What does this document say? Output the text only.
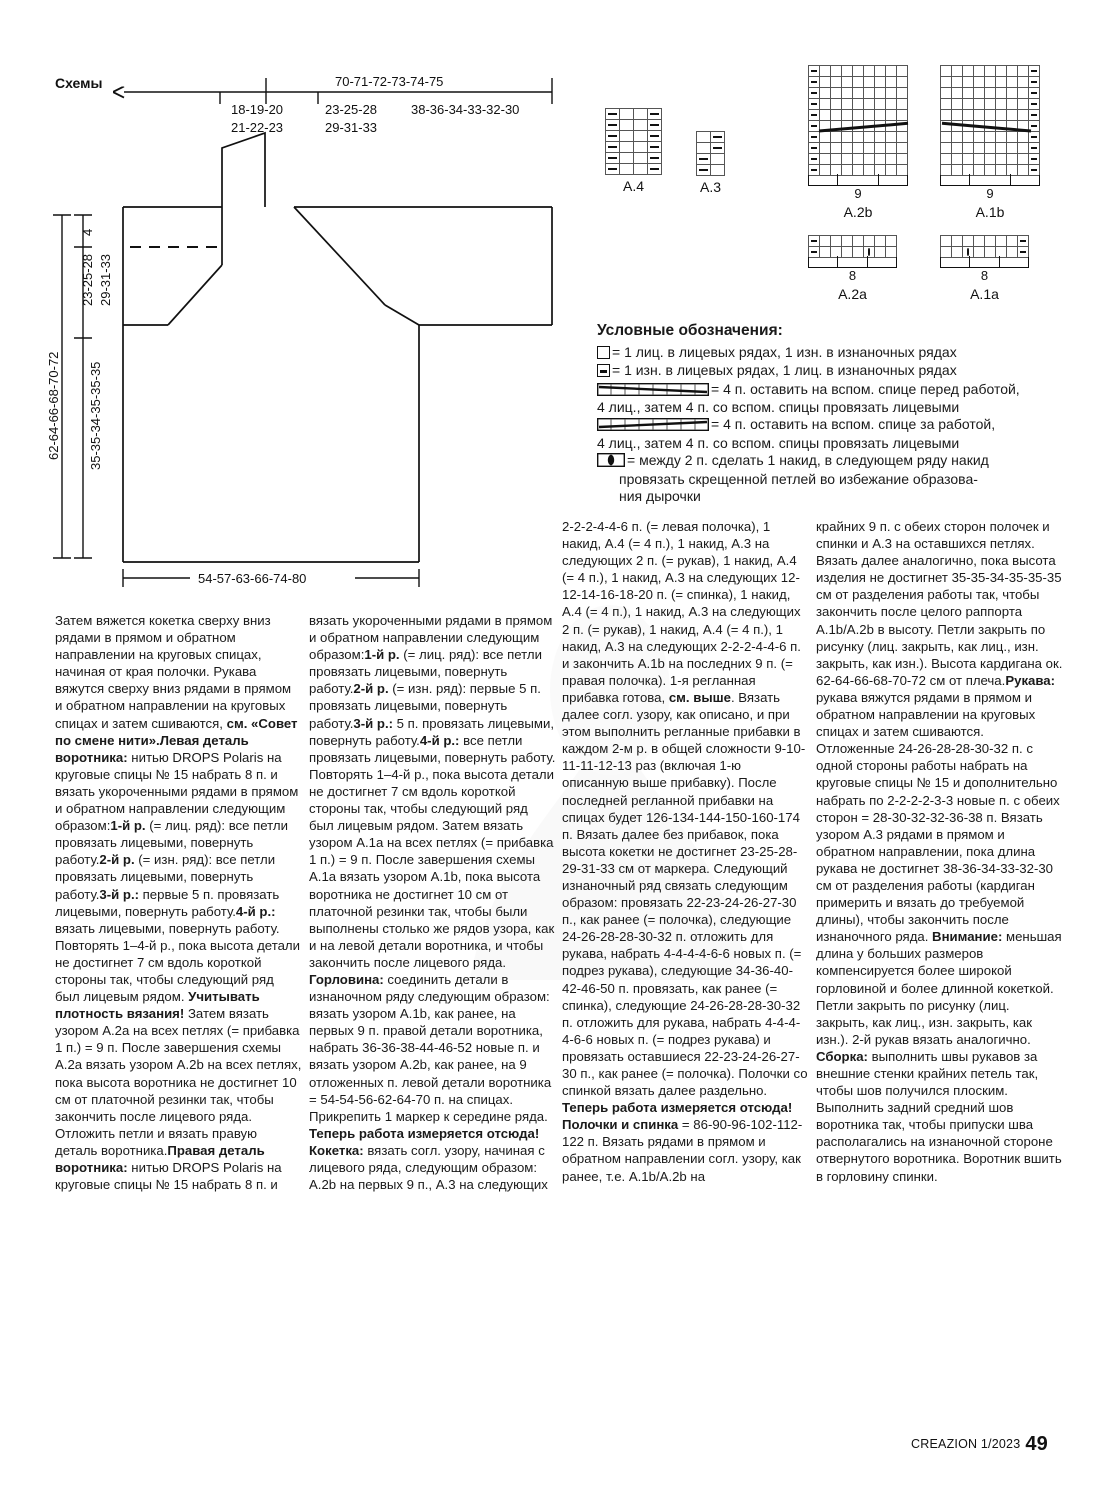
Схемы	70-71-72-73-74-75
18-19-20
21-22-23
23-25-28
29-31-33
38-36-34-33-32-30
62-64-66-68-70-72
4
23-25-28 29-31-33
35-35-34-35-35-35
54-57-63-66-74-80

A.4

		A.3

									9
A.2b

9
A.1b

8
A.2a

8
A.1a
Условные обозначения:
= 1 лиц. в лицевых рядах, 1 изн. в изнаночных рядах
= 1 изн. в лицевых рядах, 1 лиц. в изнаночных рядах
= 4 п. оставить на вспом. спице перед работой,
4 лиц., затем 4 п. со вспом. спицы провязать лицевыми
= 4 п. оставить на вспом. спице за работой,
4 лиц., затем 4 п. со вспом. спицы провязать лицевыми
= между 2 п. сделать 1 накид, в следующем ряду накид
провязать скрещенной петлей во избежание образова-
ния дырочки

Затем вяжется кокетка сверху вниз рядами в прямом и обратном направлении на круговых спицах, начиная от края полочки. Рукава вяжутся сверху вниз рядами в прямом и обратном направлении на круговых спицах и затем сшиваются, см. «Совет по смене нити».Левая деталь воротника: нитью DROPS Polaris на круговые спицы № 15 набрать 8 п. и вязать укороченными рядами в прямом и обратном направлении следующим образом:1-й р. (= лиц. ряд): все петли провязать лицевыми, повернуть работу.2-й р. (= изн. ряд): все петли провязать лицевыми, повернуть работу.3-й р.: первые 5 п. провязать лицевыми, повернуть работу.4-й р.: вязать лицевыми, повернуть работу. Повторять 1–4-й р., пока высота детали не достигнет 7 см вдоль короткой стороны так, чтобы следующий ряд был лицевым рядом. Учитывать плотность вязания! Затем вязать узором A.2a на всех петлях (= прибавка 1 п.) = 9 п. После завершения схемы A.2a вязать узором A.2b на всех петлях, пока высота воротника не достигнет 10 см от платочной резинки так, чтобы закончить после лицевого ряда. Отложить петли и вязать правую деталь воротника.Правая деталь воротника: нитью DROPS Polaris на круговые спицы № 15 набрать 8 п. и

вязать укороченными рядами в прямом и обратном направлении следующим образом:1-й р. (= лиц. ряд): все петли провязать лицевыми, повернуть работу.2-й р. (= изн. ряд): первые 5 п. провязать лицевыми, повернуть работу.3-й р.: 5 п. провязать лицевыми, повернуть работу.4-й р.: все петли провязать лицевыми, повернуть работу. Повторять 1–4-й р., пока высота детали не достигнет 7 см вдоль короткой стороны так, чтобы следующий ряд был лицевым рядом. Затем вязать узором A.1a на всех петлях (= прибавка 1 п.) = 9 п. После завершения схемы A.1a вязать узором A.1b, пока высота воротника не достигнет 10 см от платочной резинки так, чтобы были выполнены столько же рядов узора, как и на левой детали воротника, и чтобы закончить после лицевого ряда. Горловина: соединить детали в изнаночном ряду следующим образом: вязать узором A.1b, как ранее, на первых 9 п. правой детали воротника, набрать 36-36-38-44-46-52 новые п. и вязать узором A.2b, как ранее, на 9 отложенных п. левой детали воротника = 54-54-56-62-64-70 п. на спицах. Прикрепить 1 маркер к середине ряда. Теперь работа измеряется отсюда!Кокетка: вязать согл. узору, начиная с лицевого ряда, следующим образом: A.2b на первых 9 п., A.3 на следующих

2-2-2-4-4-6 п. (= левая полочка), 1 накид, A.4 (= 4 п.), 1 накид, A.3 на следующих 2 п. (= рукав), 1 накид, A.4 (= 4 п.), 1 накид, A.3 на следующих 12-12-14-16-18-20 п. (= спинка), 1 накид, A.4 (= 4 п.), 1 накид, A.3 на следующих 2 п. (= рукав), 1 накид, A.4 (= 4 п.), 1 накид, A.3 на следующих 2-2-2-4-4-6 п. и закончить A.1b на последних 9 п. (= правая полочка). 1-я регланная прибавка готова, см. выше. Вязать далее согл. узору, как описано, и при этом выполнить регланные прибавки в каждом 2-м р. в общей сложности 9-10-11-11-12-13 раз (включая 1-ю описанную выше прибавку). После последней регланной прибавки на спицах будет 126-134-144-150-160-174 п. Вязать далее без прибавок, пока высота кокетки не достигнет 23-25-28-29-31-33 см от маркера. Следующий изнаночный ряд связать следующим образом: провязать 22-23-24-26-27-30 п., как ранее (= полочка), следующие 24-26-28-28-30-32 п. отложить для рукава, набрать 4-4-4-4-6-6 новых п. (= подрез рукава), следующие 34-36-40-42-46-50 п. провязать, как ранее (= спинка), следующие 24-26-28-28-30-32 п. отложить для рукава, набрать 4-4-4-4-6-6 новых п. (= подрез рукава) и провязать оставшиеся 22-23-24-26-27-30 п., как ранее (= полочка). Полочки со спинкой вязать далее раздельно. Теперь работа измеряется отсюда!Полочки и спинка = 86-90-96-102-112-122 п. Вязать рядами в прямом и обратном направлении согл. узору, как ранее, т.е. A.1b/A.2b на

крайних 9 п. с обеих сторон полочек и спинки и A.3 на оставшихся петлях. Вязать далее аналогично, пока высота изделия не достигнет 35-35-34-35-35-35 см от разделения работы так, чтобы закончить после целого раппорта A.1b/A.2b в высоту. Петли закрыть по рисунку (лиц. закрыть, как лиц., изн. закрыть, как изн.). Высота кардигана ок. 62-64-66-68-70-72 см от плеча.Рукава: рукава вяжутся рядами в прямом и обратном направлении на круговых спицах и затем сшиваются. Отложенные 24-26-28-28-30-32 п. с одной стороны работы набрать на круговые спицы № 15 и дополнительно набрать по 2-2-2-2-3-3 новые п. с обеих сторон = 28-30-32-32-36-38 п. Вязать узором A.3 рядами в прямом и обратном направлении, пока длина рукава не достигнет 38-36-34-33-32-30 см от разделения работы (кардиган примерить и вязать до требуемой длины), чтобы закончить после изнаночного ряда. Внимание: меньшая длина у больших размеров компенсируется более широкой горловиной и более длинной кокеткой. Петли закрыть по рисунку (лиц. закрыть, как лиц., изн. закрыть, как изн.). 2-й рукав вязать аналогично. Сборка: выполнить швы рукавов за внешние стенки крайних петель так, чтобы шов получился плоским. Выполнить задний средний шов воротника так, чтобы припуски шва располагались на изнаночной стороне отвернутого воротника. Воротник вшить в горловину спинки.

CREAZION 1/2023 49
